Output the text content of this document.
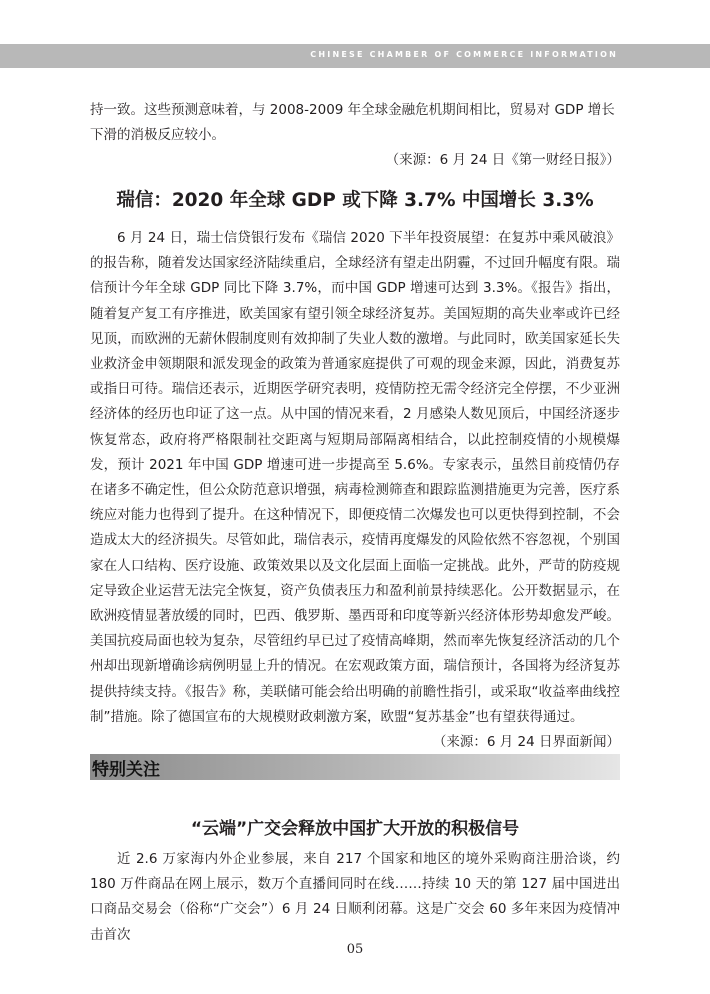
CHINESE CHAMBER OF COMMERCE INFORMATION
持一致。这些预测意味着，与 2008-2009 年全球金融危机期间相比，贸易对 GDP 增长下滑的消极反应较小。
（来源：6 月 24 日《第一财经日报》）
瑞信：2020 年全球 GDP 或下降 3.7% 中国增长 3.3%
6 月 24 日，瑞士信贷银行发布《瑞信 2020 下半年投资展望：在复苏中乘风破浪》的报告称，随着发达国家经济陆续重启，全球经济有望走出阴霾，不过回升幅度有限。瑞信预计今年全球 GDP 同比下降 3.7%，而中国 GDP 增速可达到 3.3%。《报告》指出，随着复产复工有序推进，欧美国家有望引领全球经济复苏。美国短期的高失业率或许已经见顶，而欧洲的无薪休假制度则有效抑制了失业人数的激增。与此同时，欧美国家延长失业救济金申领期限和派发现金的政策为普通家庭提供了可观的现金来源，因此，消费复苏或指日可待。瑞信还表示，近期医学研究表明，疫情防控无需令经济完全停摆，不少亚洲经济体的经历也印证了这一点。从中国的情况来看，2 月感染人数见顶后，中国经济逐步恢复常态，政府将严格限制社交距离与短期局部隔离相结合，以此控制疫情的小规模爆发，预计 2021 年中国 GDP 增速可进一步提高至 5.6%。专家表示，虽然目前疫情仍存在诸多不确定性，但公众防范意识增强，病毒检测筛查和跟踪监测措施更为完善，医疗系统应对能力也得到了提升。在这种情况下，即便疫情二次爆发也可以更快得到控制，不会造成太大的经济损失。尽管如此，瑞信表示，疫情再度爆发的风险依然不容忽视，个别国家在人口结构、医疗设施、政策效果以及文化层面上面临一定挑战。此外，严苛的防疫规定导致企业运营无法完全恢复，资产负债表压力和盈利前景持续恶化。公开数据显示，在欧洲疫情显著放缓的同时，巴西、俄罗斯、墨西哥和印度等新兴经济体形势却愈发严峻。美国抗疫局面也较为复杂，尽管纽约早已过了疫情高峰期，然而率先恢复经济活动的几个州却出现新增确诊病例明显上升的情况。在宏观政策方面，瑞信预计，各国将为经济复苏提供持续支持。《报告》称，美联储可能会给出明确的前瞻性指引，或采取“收益率曲线控制”措施。除了德国宣布的大规模财政刺激方案，欧盟“复苏基金”也有望获得通过。
（来源：6 月 24 日界面新闻）
特别关注
“云端”广交会释放中国扩大开放的积极信号
近 2.6 万家海内外企业参展，来自 217 个国家和地区的境外采购商注册洽谈，约 180 万件商品在网上展示，数万个直播间同时在线……持续 10 天的第 127 届中国进出口商品交易会（俗称“广交会”）6 月 24 日顺利闭幕。这是广交会 60 多年来因为疫情冲击首次
05
